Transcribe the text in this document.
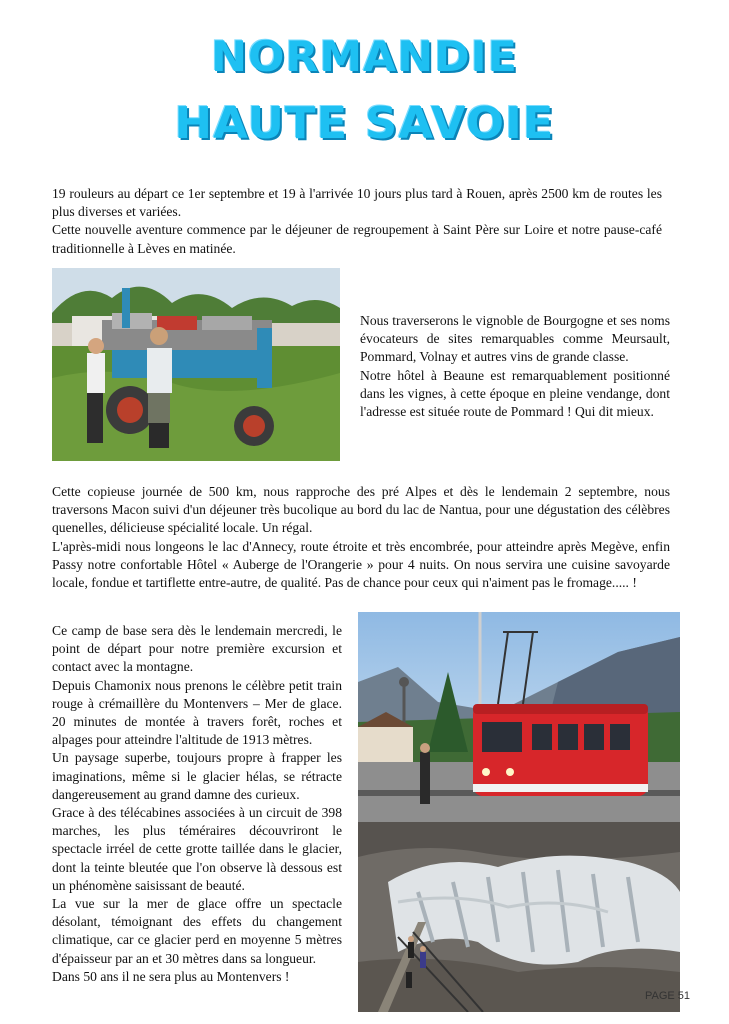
NORMANDIE
HAUTE SAVOIE
19 rouleurs au départ ce 1er septembre et 19 à l'arrivée 10 jours plus tard à Rouen, après 2500 km de routes les plus diverses et variées.
Cette nouvelle aventure commence par le déjeuner de regroupement à Saint Père sur Loire et notre pause-café traditionnelle à Lèves en matinée.
Nous traverserons le vignoble de Bourgogne et ses noms évocateurs de sites remarquables comme Meursault, Pommard, Volnay et autres vins de grande classe.
Notre hôtel à Beaune est remarquablement positionné dans les vignes, à cette époque en pleine vendange, dont l'adresse est située route de Pommard ! Qui dit mieux.
Cette copieuse journée de 500 km, nous rapproche des pré Alpes et dès le lendemain 2 septembre, nous traversons Macon suivi d'un déjeuner très bucolique au bord du lac de Nantua, pour une dégustation des célèbres quenelles, délicieuse spécialité locale. Un régal.
L'après-midi nous longeons le lac d'Annecy, route étroite et très encombrée, pour atteindre après Megève, enfin Passy notre confortable Hôtel « Auberge de l'Orangerie » pour 4 nuits. On nous servira une cuisine savoyarde locale, fondue et tartiflette entre-autre, de qualité. Pas de chance pour ceux qui n'aiment pas le fromage..... !
Ce camp de base sera dès le lendemain mercredi, le point de départ pour notre première excursion et contact avec la montagne.
Depuis Chamonix nous prenons le célèbre petit train rouge à crémaillère du Montenvers – Mer de glace. 20 minutes de montée à travers forêt, roches et alpages pour atteindre l'altitude de 1913 mètres.
Un paysage superbe, toujours propre à frapper les imaginations, même si le glacier hélas, se rétracte dangereusement au grand damne des curieux.
Grace à des télécabines associées à un circuit de 398 marches, les plus téméraires découvriront le spectacle irréel de cette grotte taillée dans le glacier, dont la teinte bleutée que l'on observe là dessous est un phénomène saisissant de beauté.
La vue sur la mer de glace offre un spectacle désolant, témoignant des effets du changement climatique, car ce glacier perd en moyenne 5 mètres d'épaisseur par an et 30 mètres dans sa longueur.
Dans 50 ans il ne sera plus au Montenvers !
PAGE 51
